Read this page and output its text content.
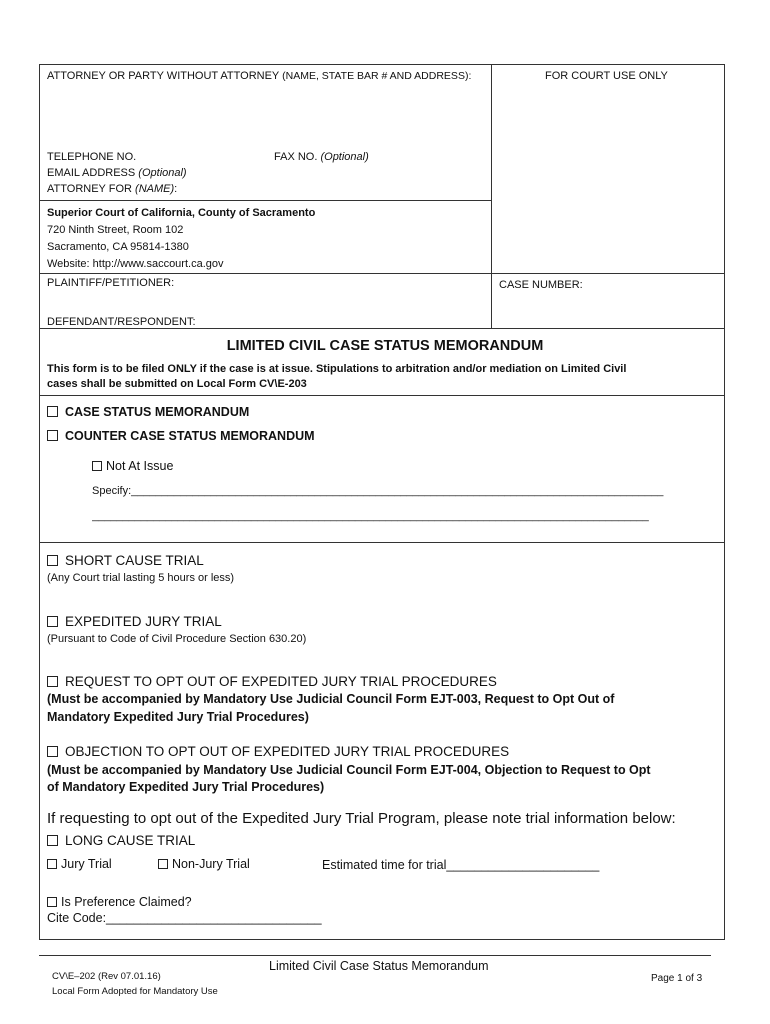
ATTORNEY OR PARTY WITHOUT ATTORNEY (NAME, STATE BAR # AND ADDRESS):	FOR COURT USE ONLY
TELEPHONE NO.	FAX NO. (Optional)
EMAIL ADDRESS (Optional)
ATTORNEY FOR (NAME):
Superior Court of California, County of Sacramento
720 Ninth Street, Room 102
Sacramento, CA 95814-1380
Website: http://www.saccourt.ca.gov
PLAINTIFF/PETITIONER:
DEFENDANT/RESPONDENT:
CASE NUMBER:
LIMITED CIVIL CASE STATUS MEMORANDUM
This form is to be filed ONLY if the case is at issue. Stipulations to arbitration and/or mediation on Limited Civil
cases shall be submitted on Local Form CV\E-203
CASE STATUS MEMORANDUM
COUNTER CASE STATUS MEMORANDUM
Not At Issue
Specify:_______________________________________________________________________________________
___________________________________________________________________________________________
SHORT CAUSE TRIAL
(Any Court trial lasting 5 hours or less)
EXPEDITED JURY TRIAL
(Pursuant to Code of Civil Procedure Section 630.20)
REQUEST TO OPT OUT OF EXPEDITED JURY TRIAL PROCEDURES
(Must be accompanied by Mandatory Use Judicial Council Form EJT-003, Request to Opt Out of
Mandatory Expedited Jury Trial Procedures)
OBJECTION TO OPT OUT OF EXPEDITED JURY TRIAL PROCEDURES
(Must be accompanied by Mandatory Use Judicial Council Form EJT-004, Objection to Request to Opt
of Mandatory Expedited Jury Trial Procedures)
If requesting to opt out of the Expedited Jury Trial Program, please note trial information below:
LONG CAUSE TRIAL
Jury Trial	Non-Jury Trial	Estimated time for trial______________________
Is Preference Claimed?
Cite Code:_______________________________
Limited Civil Case Status Memorandum
CV\E–202 (Rev 07.01.16)
Local Form Adopted for Mandatory Use
Page 1 of 3
